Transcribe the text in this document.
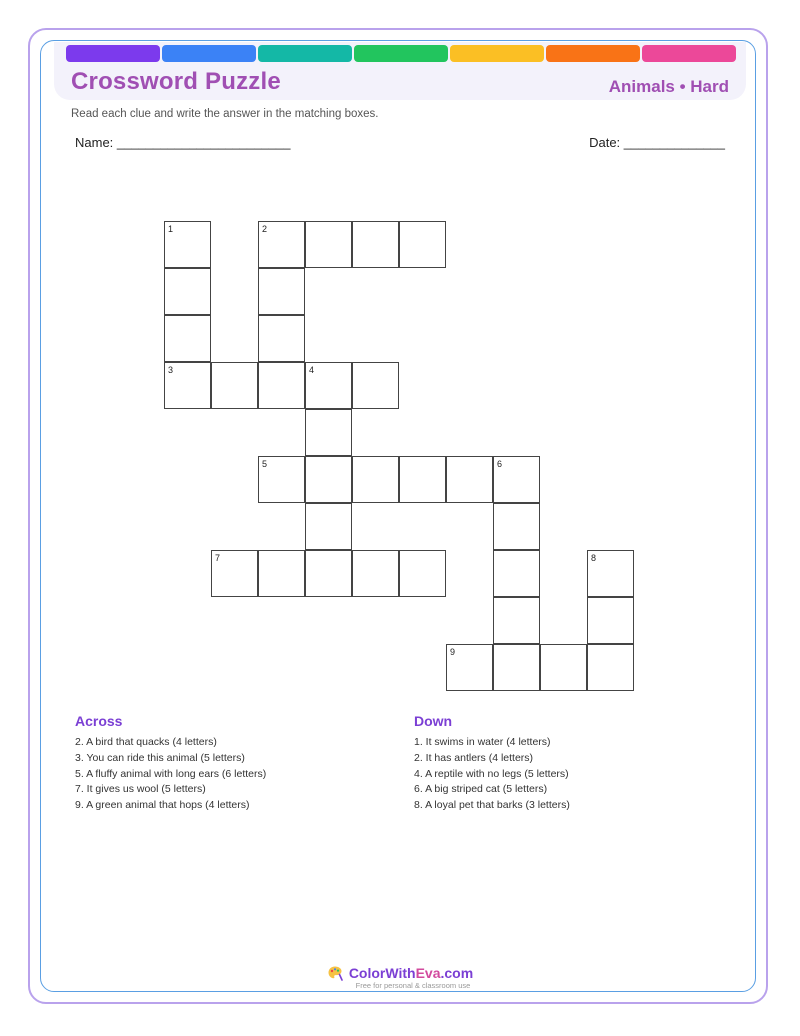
Crossword Puzzle	Animals • Hard
Read each clue and write the answer in the matching boxes.
Name: ________________________	Date: ______________
1	2
3	4
5	6
7	8
9
Across
2. A bird that quacks (4 letters)
3. You can ride this animal (5 letters)
5. A fluffy animal with long ears (6 letters)
7. It gives us wool (5 letters)
9. A green animal that hops (4 letters)
Down
1. It swims in water (4 letters)
2. It has antlers (4 letters)
4. A reptile with no legs (5 letters)
6. A big striped cat (5 letters)
8. A loyal pet that barks (3 letters)
ColorWithEva.com
Free for personal & classroom use
